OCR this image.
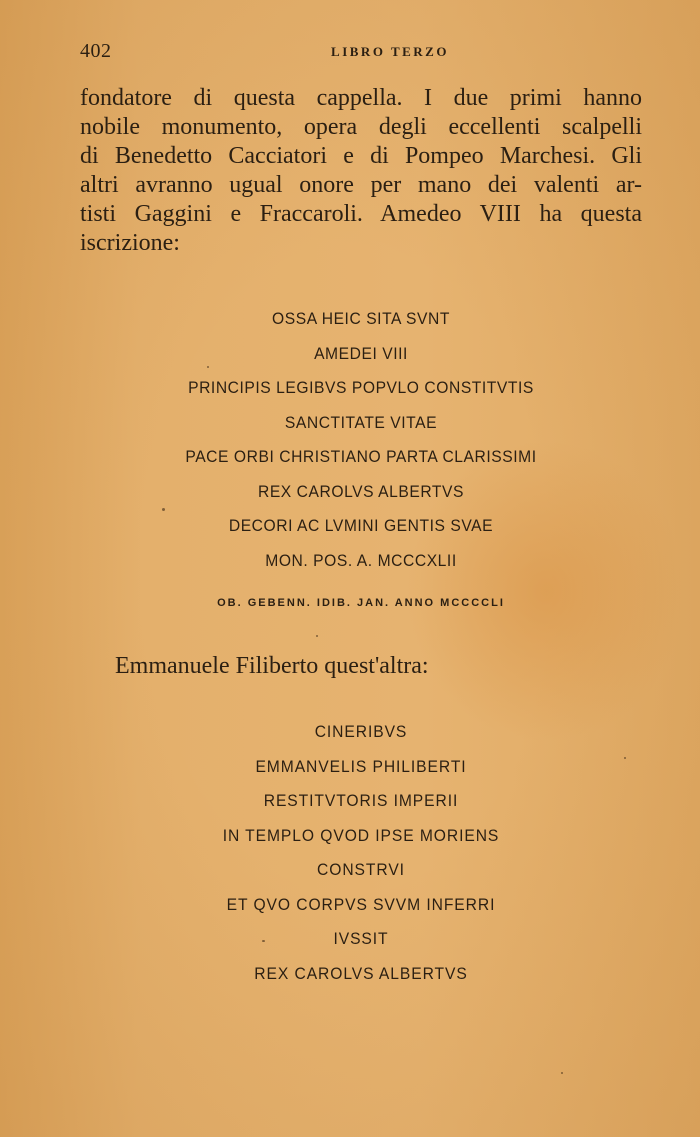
402	LIBRO TERZO
fondatore di questa cappella. I due primi hanno
nobile monumento, opera degli eccellenti scalpelli
di Benedetto Cacciatori e di Pompeo Marchesi. Gli
altri avranno ugual onore per mano dei valenti ar-
tisti Gaggini e Fraccaroli. Amedeo VIII ha questa
iscrizione:
OSSA HEIC SITA SVNT
AMEDEI VIII
PRINCIPIS LEGIBVS POPVLO CONSTITVTIS
SANCTITATE VITAE
PACE ORBI CHRISTIANO PARTA CLARISSIMI
REX CAROLVS ALBERTVS
DECORI AC LVMINI GENTIS SVAE
MON. POS. A. MCCCXLII
OB. GEBENN. IDIB. JAN. ANNO MCCCCLI
Emmanuele Filiberto quest'altra:
CINERIBVS
EMMANVELIS PHILIBERTI
RESTITVTORIS IMPERII
IN TEMPLO QVOD IPSE MORIENS
CONSTRVI
ET QVO CORPVS SVVM INFERRI
IVSSIT
REX CAROLVS ALBERTVS
